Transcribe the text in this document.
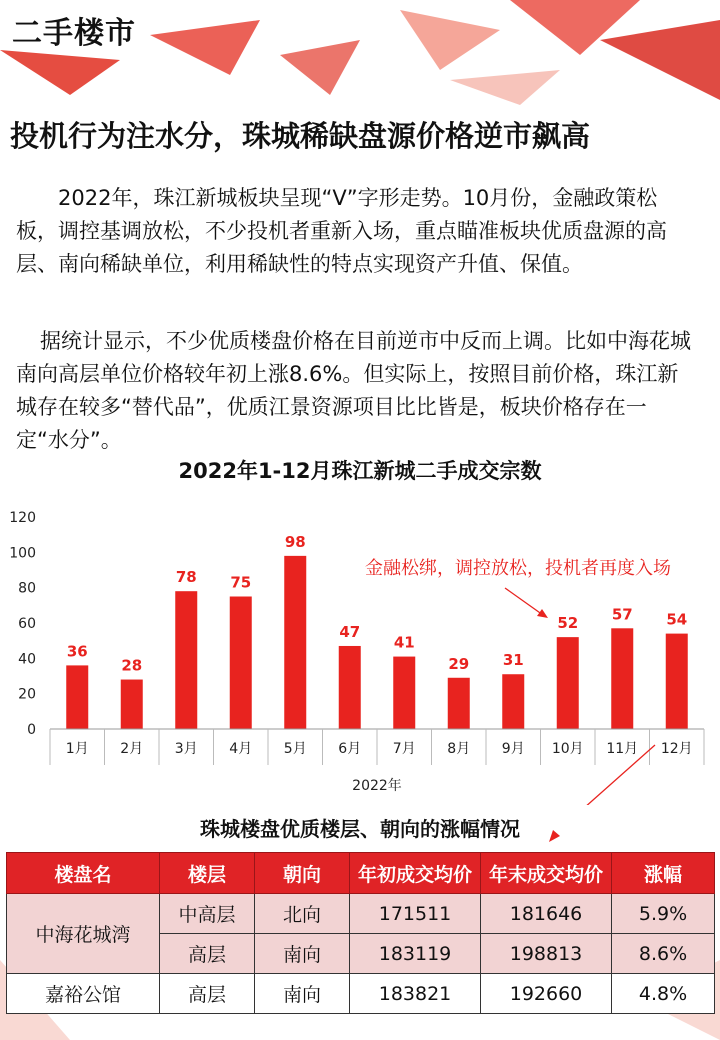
二手楼市
投机行为注水分，珠城稀缺盘源价格逆市飙高
2022年，珠江新城板块呈现“V”字形走势。10月份，金融政策松板，调控基调放松，不少投机者重新入场，重点瞄准板块优质盘源的高层、南向稀缺单位，利用稀缺性的特点实现资产升值、保值。
据统计显示，不少优质楼盘价格在目前逆市中反而上调。比如中海花城南向高层单位价格较年初上涨8.6%。但实际上，按照目前价格，珠江新城存在较多“替代品”，优质江景资源项目比比皆是，板块价格存在一定“水分”。
2022年1-12月珠江新城二手成交宗数
0
20
40
60
80
100
120
36
28
78 75
98
47
41
29 31
52 57 54
1月 2月 3月 4月 5月 6月 7月 8月 9月 10月 11月 12月
2022年
金融松绑，调控放松，投机者再度入场
珠城楼盘优质楼层、朝向的涨幅情况
楼盘名	楼层	朝向	年初成交均价	年末成交均价	涨幅
中海花城湾	中高层	北向	171511	181646	5.9%
	高层	南向	183119	198813	8.6%
嘉裕公馆	高层	南向	183821	192660	4.8%
